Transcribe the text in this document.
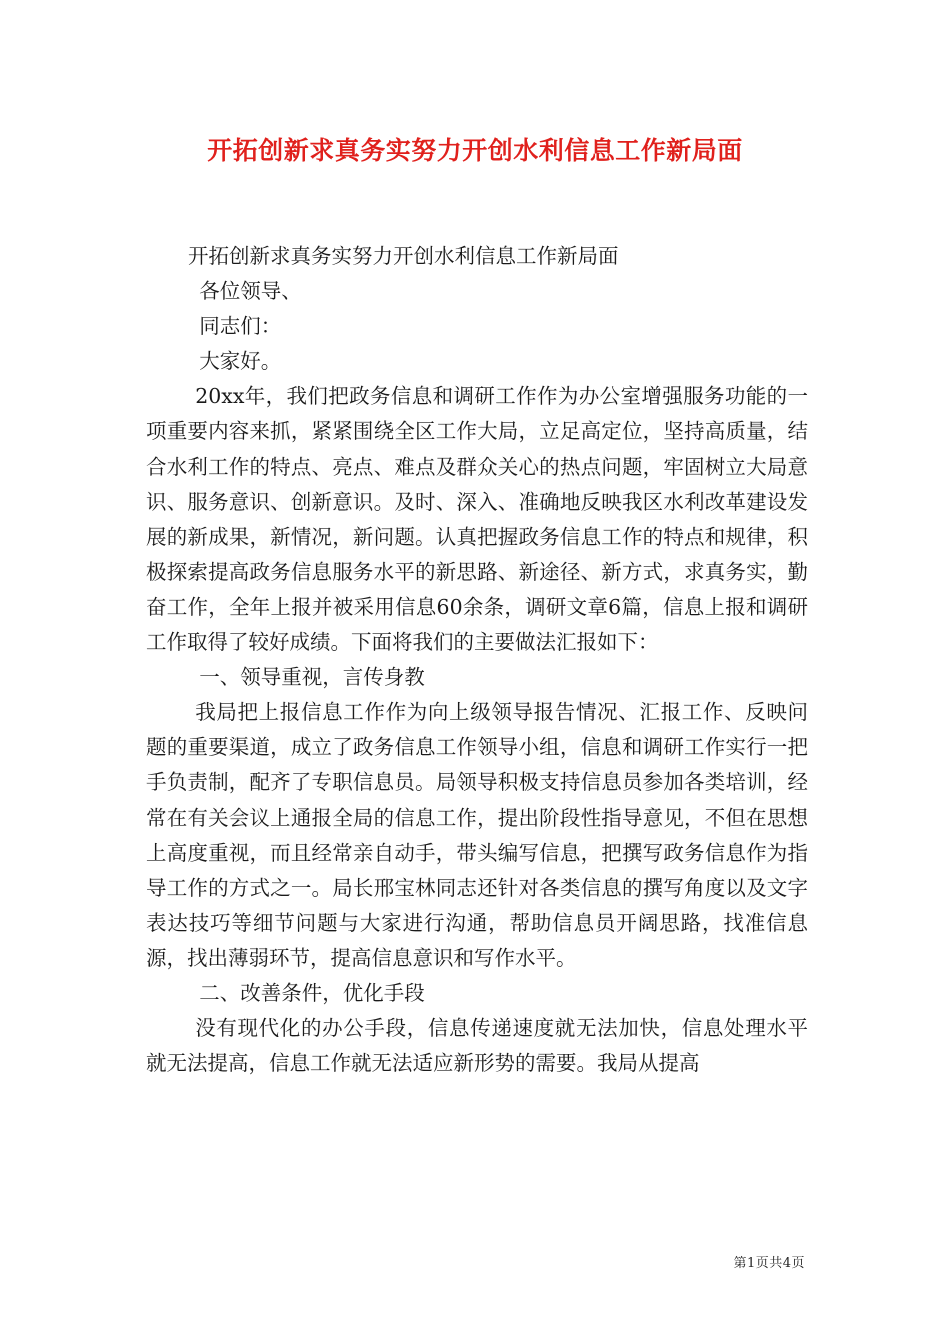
开拓创新求真务实努力开创水利信息工作新局面

开拓创新求真务实努力开创水利信息工作新局面

各位领导、

同志们：

大家好。

20xx年，我们把政务信息和调研工作作为办公室增强服务功能的一项重要内容来抓，紧紧围绕全区工作大局，立足高定位，坚持高质量，结合水利工作的特点、亮点、难点及群众关心的热点问题，牢固树立大局意识、服务意识、创新意识。及时、深入、准确地反映我区水利改革建设发展的新成果，新情况，新问题。认真把握政务信息工作的特点和规律，积极探索提高政务信息服务水平的新思路、新途径、新方式，求真务实，勤奋工作，全年上报并被采用信息60余条，调研文章6篇，信息上报和调研工作取得了较好成绩。下面将我们的主要做法汇报如下：

一、领导重视，言传身教

我局把上报信息工作作为向上级领导报告情况、汇报工作、反映问题的重要渠道，成立了政务信息工作领导小组，信息和调研工作实行一把手负责制，配齐了专职信息员。局领导积极支持信息员参加各类培训，经常在有关会议上通报全局的信息工作，提出阶段性指导意见，不但在思想上高度重视，而且经常亲自动手，带头编写信息，把撰写政务信息作为指导工作的方式之一。局长邢宝林同志还针对各类信息的撰写角度以及文字表达技巧等细节问题与大家进行沟通，帮助信息员开阔思路，找准信息源，找出薄弱环节，提高信息意识和写作水平。

二、改善条件，优化手段

没有现代化的办公手段，信息传递速度就无法加快，信息处理水平就无法提高，信息工作就无法适应新形势的需要。我局从提高

第1页共4页
